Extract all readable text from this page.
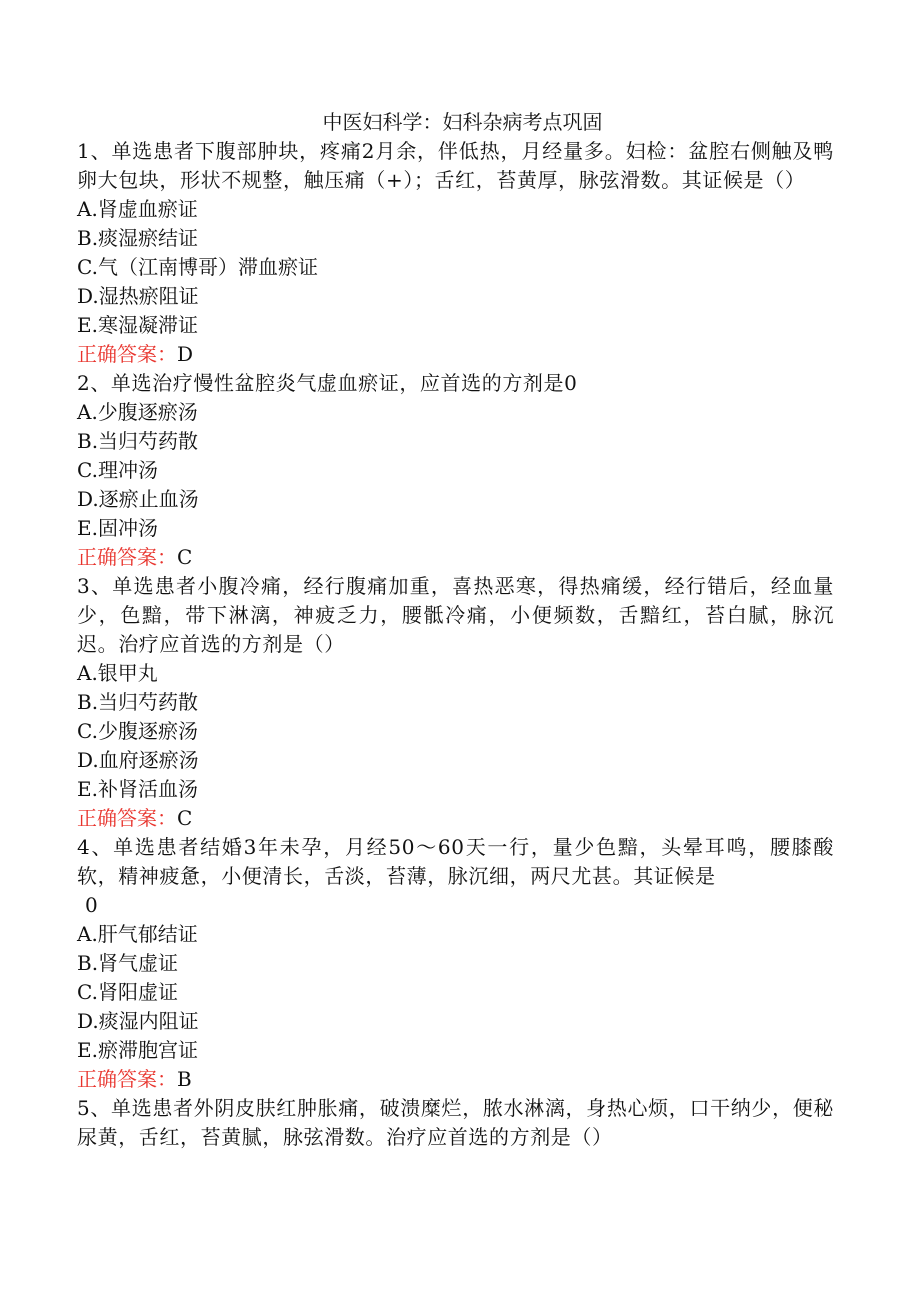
中医妇科学：妇科杂病考点巩固

1、单选患者下腹部肿块，疼痛2月余，伴低热，月经量多。妇检：盆腔右侧触及鸭卵大包块，形状不规整，触压痛（+）；舌红，苔黄厚，脉弦滑数。其证候是（）

A.肾虚血瘀证

B.痰湿瘀结证

C.气（江南博哥）滞血瘀证

D.湿热瘀阻证

E.寒湿凝滞证

正确答案：D

2、单选治疗慢性盆腔炎气虚血瘀证，应首选的方剂是0

A.少腹逐瘀汤

B.当归芍药散

C.理冲汤

D.逐瘀止血汤

E.固冲汤

正确答案：C

3、单选患者小腹冷痛，经行腹痛加重，喜热恶寒，得热痛缓，经行错后，经血量少，色黯，带下淋漓，神疲乏力，腰骶冷痛，小便频数，舌黯红，苔白腻，脉沉迟。治疗应首选的方剂是（）

A.银甲丸

B.当归芍药散

C.少腹逐瘀汤

D.血府逐瘀汤

E.补肾活血汤

正确答案：C

4、单选患者结婚3年未孕，月经50～60天一行，量少色黯，头晕耳鸣，腰膝酸软，精神疲惫，小便清长，舌淡，苔薄，脉沉细，两尺尤甚。其证候是

0

A.肝气郁结证

B.肾气虚证

C.肾阳虚证

D.痰湿内阻证

E.瘀滞胞宫证

正确答案：B

5、单选患者外阴皮肤红肿胀痛，破溃糜烂，脓水淋漓，身热心烦，口干纳少，便秘尿黄，舌红，苔黄腻，脉弦滑数。治疗应首选的方剂是（）
